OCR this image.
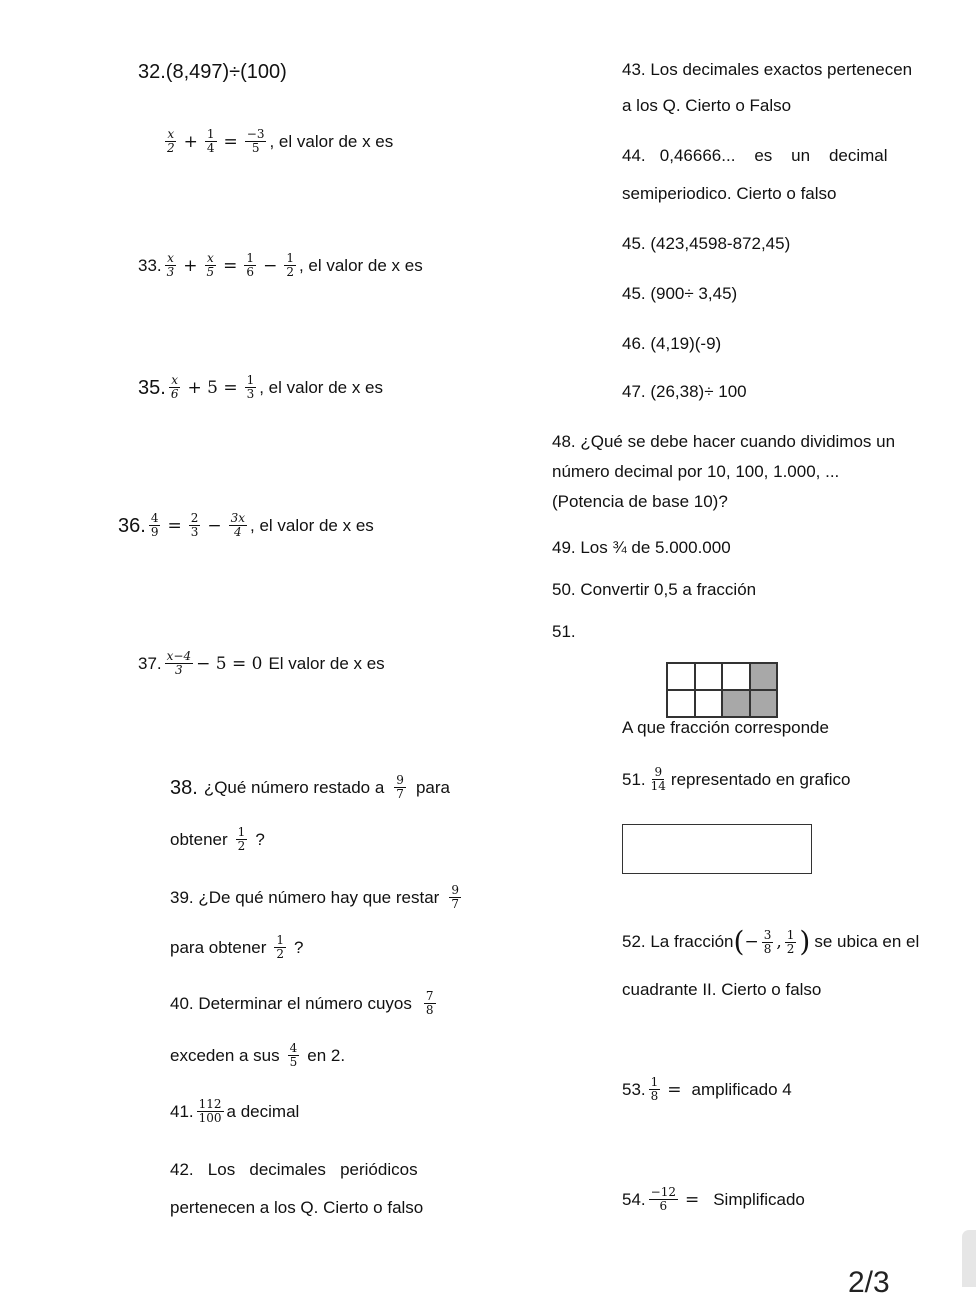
32.(8,497)÷(100)
$\frac{x}{2} + \frac{1}{4} = \frac{-3}{5}$ , el valor de x es
33. $\frac{x}{3} + \frac{x}{5} = \frac{1}{6} - \frac{1}{2}$ , el valor de x es
35. $\frac{x}{6} + 5 = \frac{1}{3}$ , el valor de x es
36. $\frac{4}{9} = \frac{2}{3} - \frac{3x}{4}$ , el valor de x es
37. $\frac{x-4}{3} - 5 = 0$ El valor de x es
38. ¿Qué número restado a $\frac{9}{7}$ para
obtener $\frac{1}{2}$ ?
39. ¿De qué número hay que restar $\frac{9}{7}$
para obtener $\frac{1}{2}$ ?
40. Determinar el número cuyos $\frac{7}{8}$
exceden a sus $\frac{4}{5}$ en 2.
41. $\frac{112}{100}$ a decimal
42.   Los   decimales   periódicos
pertenecen a los Q. Cierto o falso
43. Los decimales exactos pertenecen
a los Q. Cierto o Falso
44.   0,46666...    es    un    decimal
semiperiodico. Cierto o falso
45. (423,4598-872,45)
45. (900÷ 3,45)
46. (4,19)(-9)
47. (26,38)÷ 100
48. ¿Qué se debe hacer cuando dividimos un
número decimal por 10, 100, 1.000, ...
(Potencia de base 10)?
49. Los ¾ de 5.000.000
50. Convertir 0,5 a fracción
51.
A que fracción corresponde
51. $\frac{9}{14}$ representado en grafico
52. La fracción ( − $\frac{3}{8}$ , $\frac{1}{2}$ ) se ubica en el
cuadrante II. Cierto o falso
53. $\frac{1}{8}$ = amplificado 4
54. $\frac{-12}{6}$ = Simplificado
2/3
